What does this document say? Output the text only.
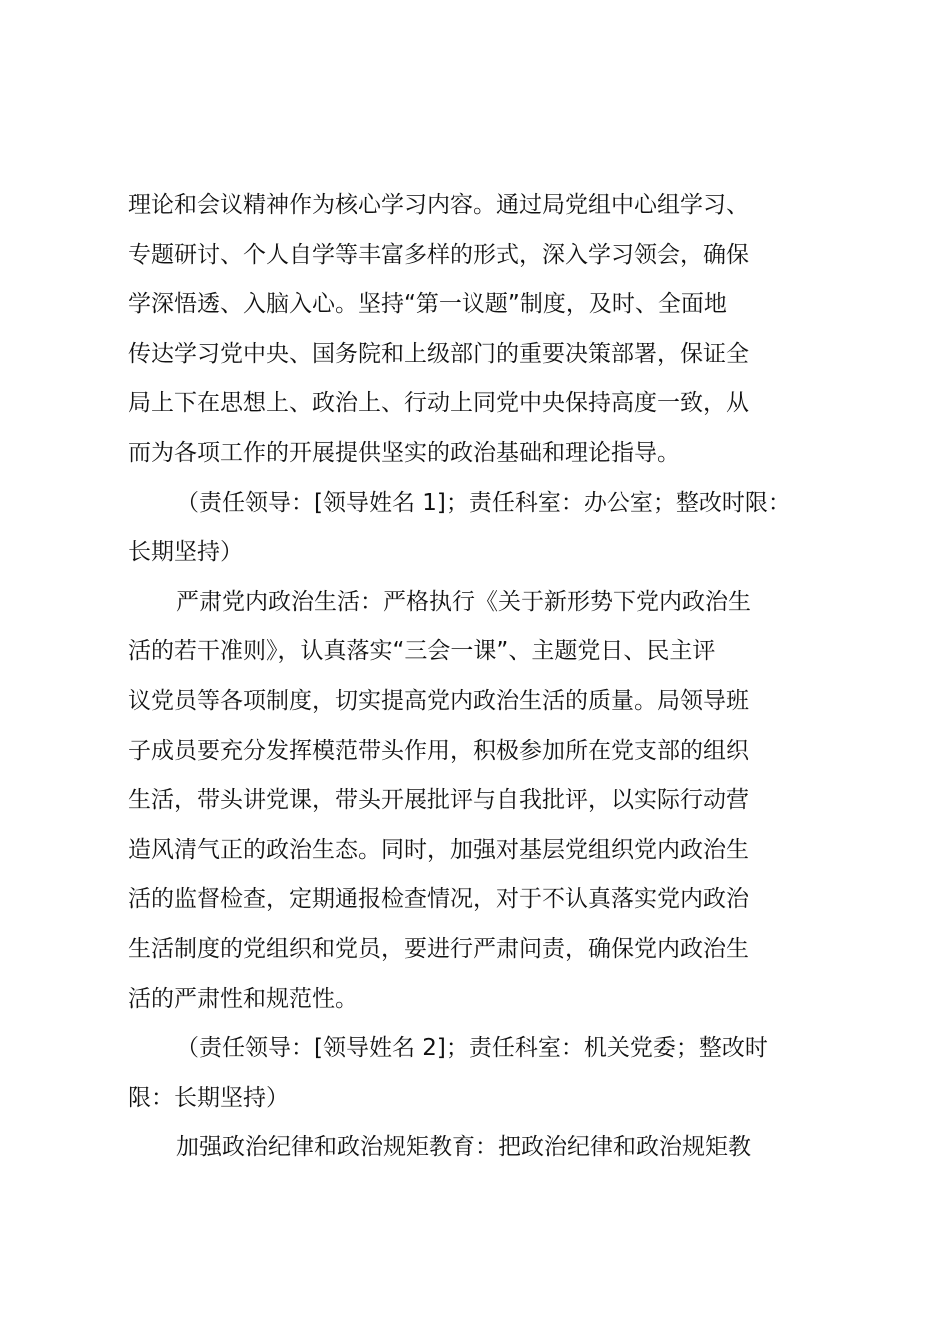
理论和会议精神作为核心学习内容。通过局党组中心组学习、
专题研讨、个人自学等丰富多样的形式，深入学习领会，确保
学深悟透、入脑入心。坚持“第一议题”制度，及时、全面地
传达学习党中央、国务院和上级部门的重要决策部署，保证全
局上下在思想上、政治上、行动上同党中央保持高度一致，从
而为各项工作的开展提供坚实的政治基础和理论指导。
（责任领导：[领导姓名 1]；责任科室：办公室；整改时限：
长期坚持）
严肃党内政治生活：严格执行《关于新形势下党内政治生
活的若干准则》，认真落实“三会一课”、主题党日、民主评
议党员等各项制度，切实提高党内政治生活的质量。局领导班
子成员要充分发挥模范带头作用，积极参加所在党支部的组织
生活，带头讲党课，带头开展批评与自我批评，以实际行动营
造风清气正的政治生态。同时，加强对基层党组织党内政治生
活的监督检查，定期通报检查情况，对于不认真落实党内政治
生活制度的党组织和党员，要进行严肃问责，确保党内政治生
活的严肃性和规范性。
（责任领导：[领导姓名 2]；责任科室：机关党委；整改时
限：长期坚持）
加强政治纪律和政治规矩教育：把政治纪律和政治规矩教
